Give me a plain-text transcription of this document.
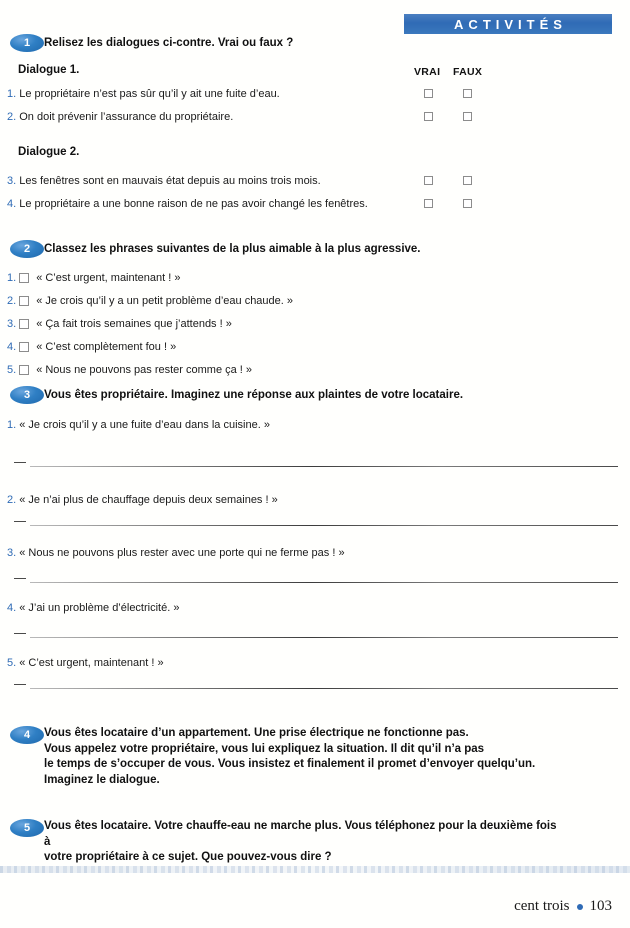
ACTIVITÉS
1	Relisez les dialogues ci-contre. Vrai ou faux ?
Dialogue 1.	VRAI FAUX
1. Le propriétaire n’est pas sûr qu’il y ait une fuite d’eau.
2. On doit prévenir l’assurance du propriétaire.
Dialogue 2.
3. Les fenêtres sont en mauvais état depuis au moins trois mois.
4. Le propriétaire a une bonne raison de ne pas avoir changé les fenêtres.
2	Classez les phrases suivantes de la plus aimable à la plus agressive.
1. « C’est urgent, maintenant ! »
2. « Je crois qu’il y a un petit problème d’eau chaude. »
3. « Ça fait trois semaines que j’attends ! »
4. « C’est complètement fou ! »
5. « Nous ne pouvons pas rester comme ça ! »
3	Vous êtes propriétaire. Imaginez une réponse aux plaintes de votre locataire.
1. « Je crois qu’il y a une fuite d’eau dans la cuisine. »
2. « Je n’ai plus de chauffage depuis deux semaines ! »
3. « Nous ne pouvons plus rester avec une porte qui ne ferme pas ! »
4. « J’ai un problème d’électricité. »
5. « C’est urgent, maintenant ! »
4	Vous êtes locataire d’un appartement. Une prise électrique ne fonctionne pas.
Vous appelez votre propriétaire, vous lui expliquez la situation. Il dit qu’il n’a pas
le temps de s’occuper de vous. Vous insistez et finalement il promet d’envoyer quelqu’un.
Imaginez le dialogue.
5	Vous êtes locataire. Votre chauffe-eau ne marche plus. Vous téléphonez pour la deuxième fois à
votre propriétaire à ce sujet. Que pouvez-vous dire ?
cent trois 103
